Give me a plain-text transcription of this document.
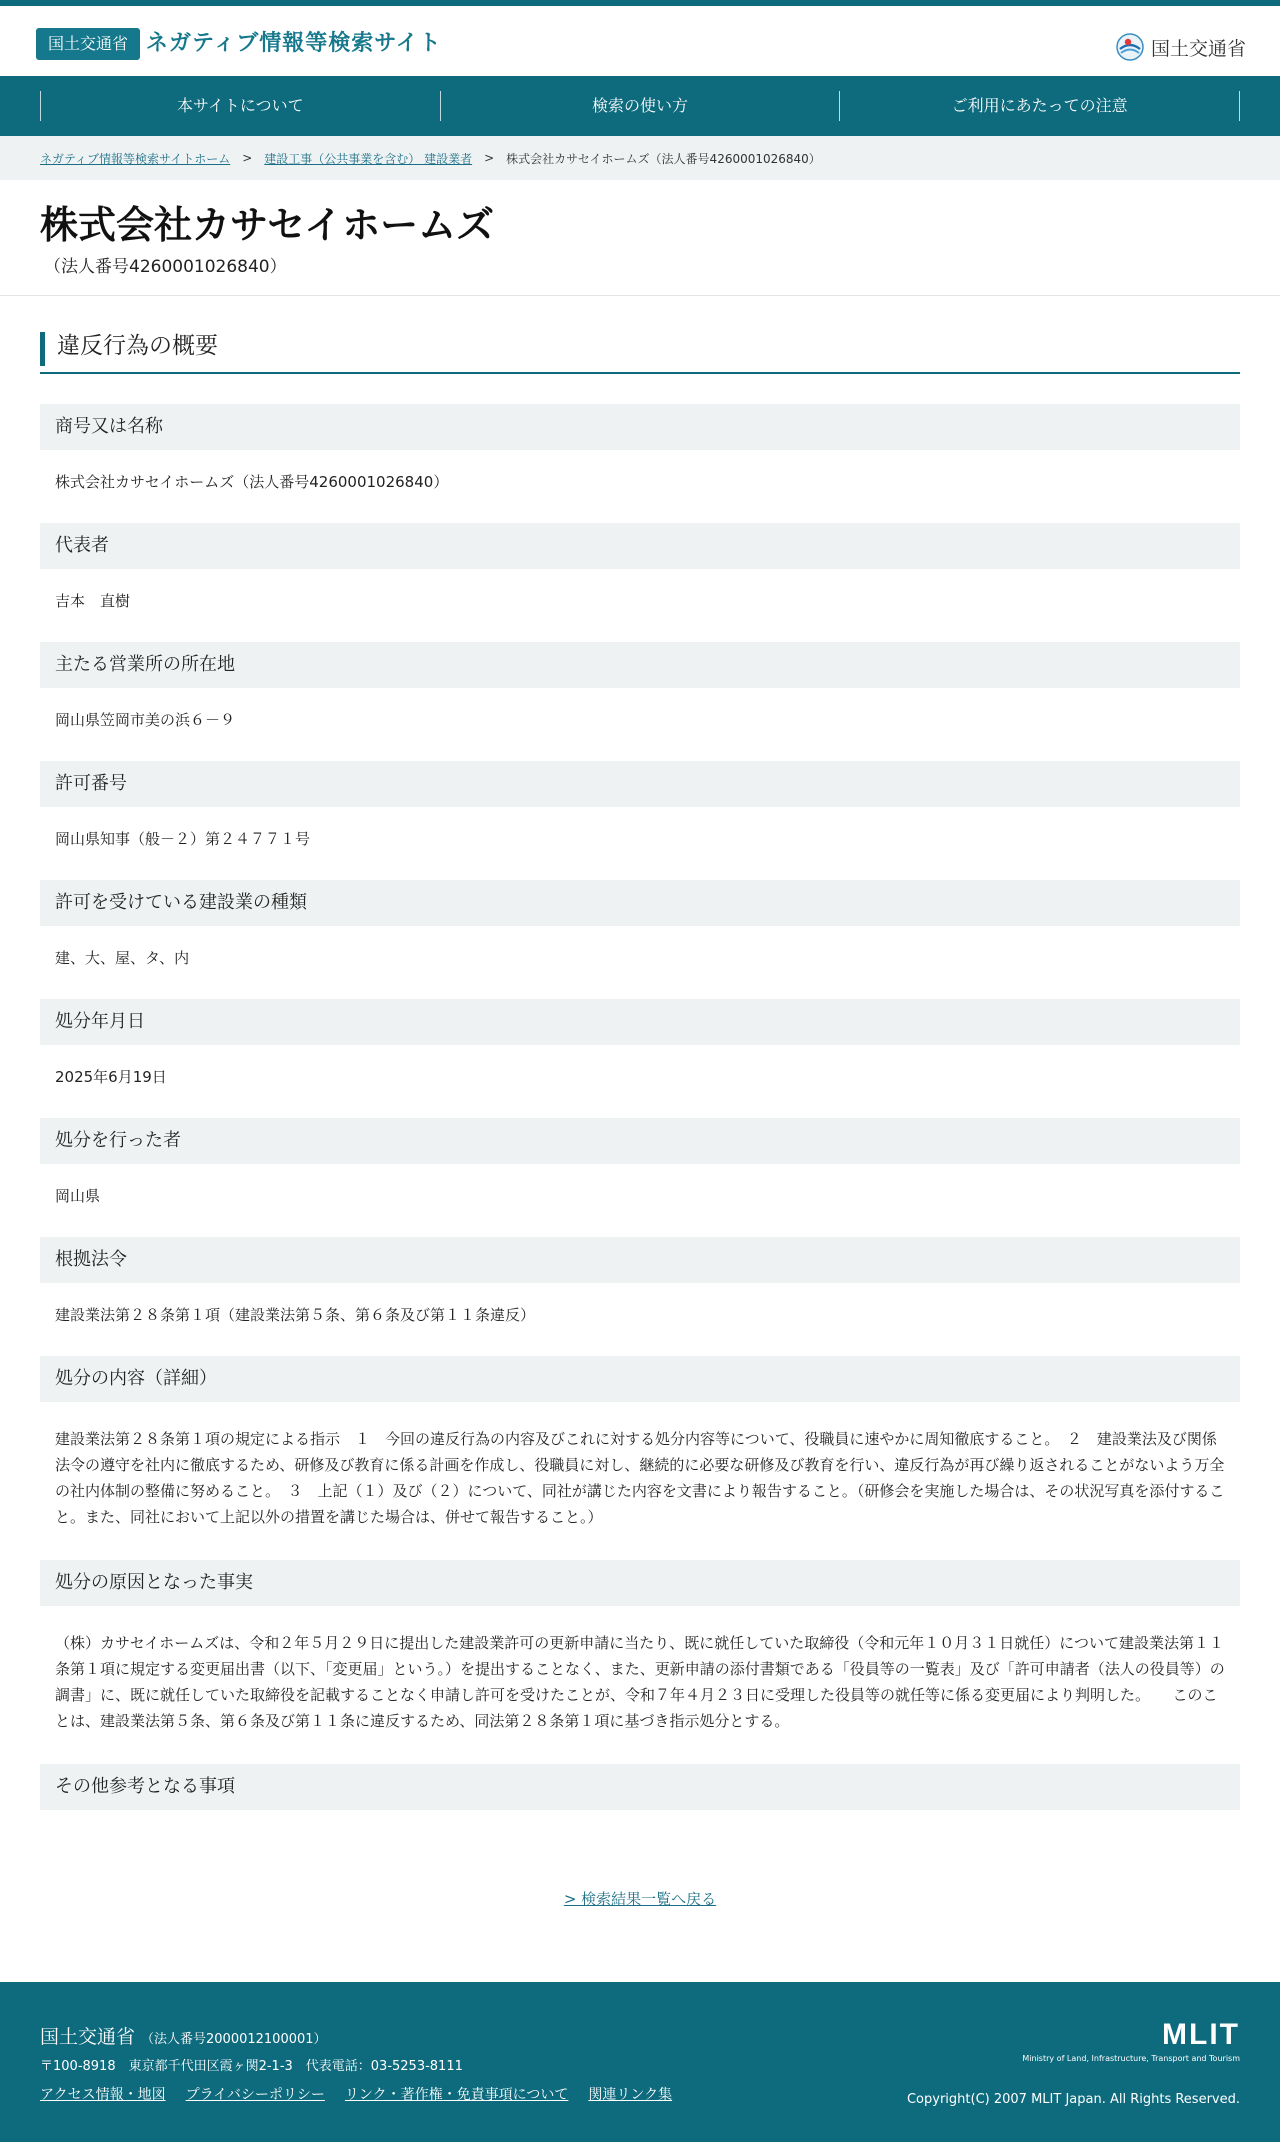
国土交通省 ネガティブ情報等検索サイト	国土交通省
本サイトについて	検索の使い方	ご利用にあたっての注意
ネガティブ情報等検索サイトホーム > 建設工事（公共事業を含む） 建設業者 > 株式会社カサセイホームズ（法人番号4260001026840）
株式会社カサセイホームズ
（法人番号4260001026840）
違反行為の概要
商号又は名称
株式会社カサセイホームズ（法人番号4260001026840）
代表者
吉本　直樹
主たる営業所の所在地
岡山県笠岡市美の浜６－９
許可番号
岡山県知事（般－２）第２４７７１号
許可を受けている建設業の種類
建、大、屋、タ、内
処分年月日
2025年6月19日
処分を行った者
岡山県
根拠法令
建設業法第２８条第１項（建設業法第５条、第６条及び第１１条違反）
処分の内容（詳細）
建設業法第２８条第１項の規定による指示　１　今回の違反行為の内容及びこれに対する処分内容等について、役職員に速やかに周知徹底すること。　２　建設業法及び関係法令の遵守を社内に徹底するため、研修及び教育に係る計画を作成し、役職員に対し、継続的に必要な研修及び教育を行い、違反行為が再び繰り返されることがないよう万全の社内体制の整備に努めること。　３　上記（１）及び（２）について、同社が講じた内容を文書により報告すること。（研修会を実施した場合は、その状況写真を添付すること。また、同社において上記以外の措置を講じた場合は、併せて報告すること。）
処分の原因となった事実
（株）カサセイホームズは、令和２年５月２９日に提出した建設業許可の更新申請に当たり、既に就任していた取締役（令和元年１０月３１日就任）について建設業法第１１条第１項に規定する変更届出書（以下、「変更届」という。）を提出することなく、また、更新申請の添付書類である「役員等の一覧表」及び「許可申請者（法人の役員等）の調書」に、既に就任していた取締役を記載することなく申請し許可を受けたことが、令和７年４月２３日に受理した役員等の就任等に係る変更届により判明した。　　このことは、建設業法第５条、第６条及び第１１条に違反するため、同法第２８条第１項に基づき指示処分とする。
その他参考となる事項
> 検索結果一覧へ戻る
国土交通省 （法人番号2000012100001）
〒100-8918　東京都千代田区霞ヶ関2-1-3　代表電話：03-5253-8111
アクセス情報・地図 プライバシーポリシー リンク・著作権・免責事項について 関連リンク集
MLIT
Ministry of Land, Infrastructure, Transport and Tourism
Copyright(C) 2007 MLIT Japan. All Rights Reserved.
